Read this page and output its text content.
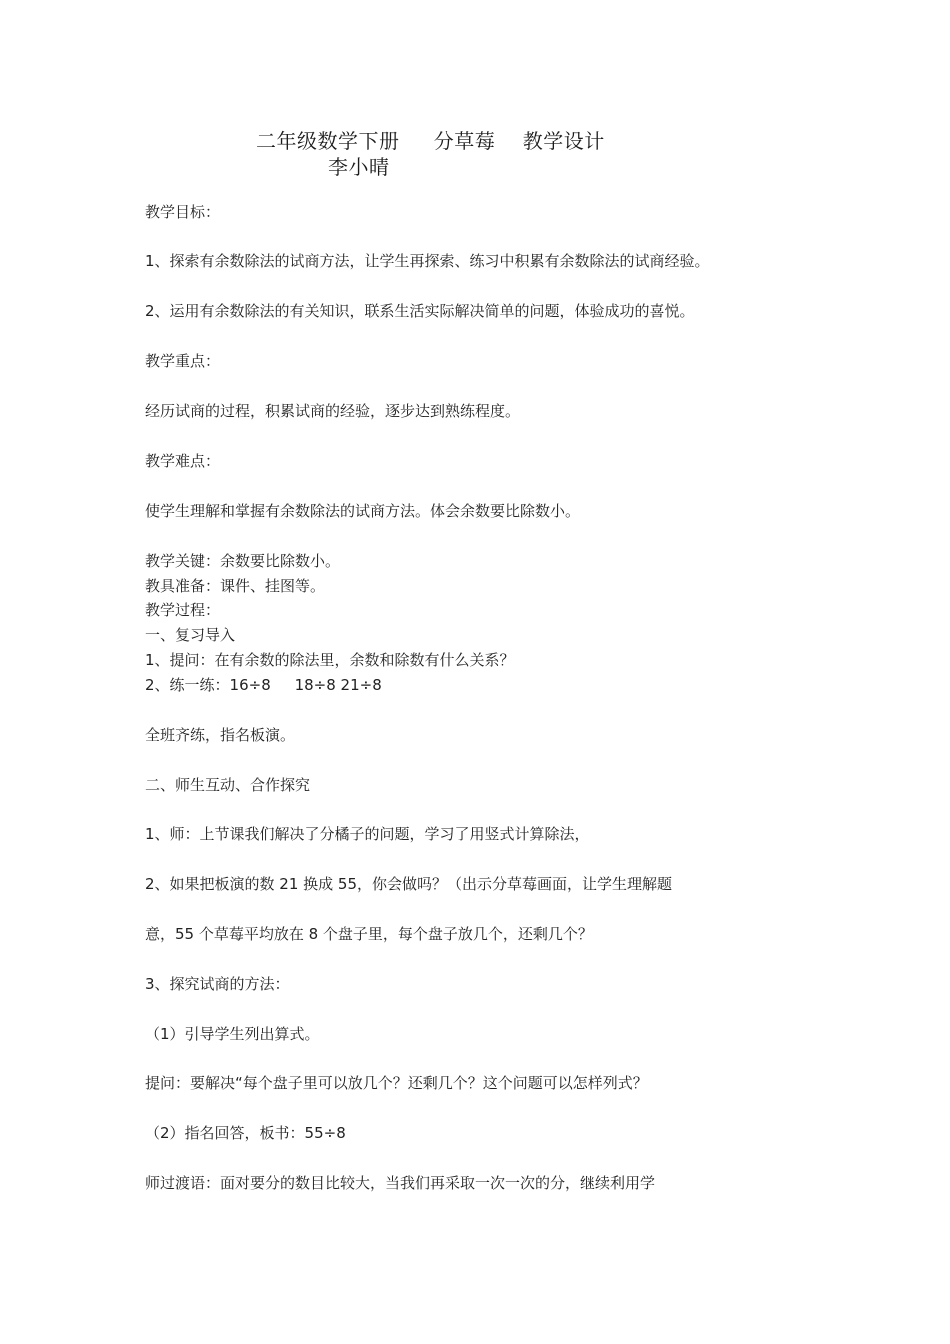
二年级数学下册     分草莓    教学设计
李小晴
教学目标：
1、探索有余数除法的试商方法，让学生再探索、练习中积累有余数除法的试商经验。
2、运用有余数除法的有关知识，联系生活实际解决简单的问题，体验成功的喜悦。
教学重点：
经历试商的过程，积累试商的经验，逐步达到熟练程度。
教学难点：
使学生理解和掌握有余数除法的试商方法。体会余数要比除数小。
教学关键：余数要比除数小。
教具准备：课件、挂图等。
教学过程：
一、复习导入
1、提问：在有余数的除法里，余数和除数有什么关系？
2、练一练：16÷8     18÷8 21÷8
全班齐练，指名板演。
二、师生互动、合作探究
1、师：上节课我们解决了分橘子的问题，学习了用竖式计算除法，
2、如果把板演的数 21 换成 55，你会做吗？（出示分草莓画面，让学生理解题
意，55 个草莓平均放在 8 个盘子里，每个盘子放几个，还剩几个？
3、探究试商的方法：
（1）引导学生列出算式。
提问：要解决“每个盘子里可以放几个？还剩几个？这个问题可以怎样列式？
（2）指名回答，板书：55÷8
师过渡语：面对要分的数目比较大，当我们再采取一次一次的分，继续利用学
